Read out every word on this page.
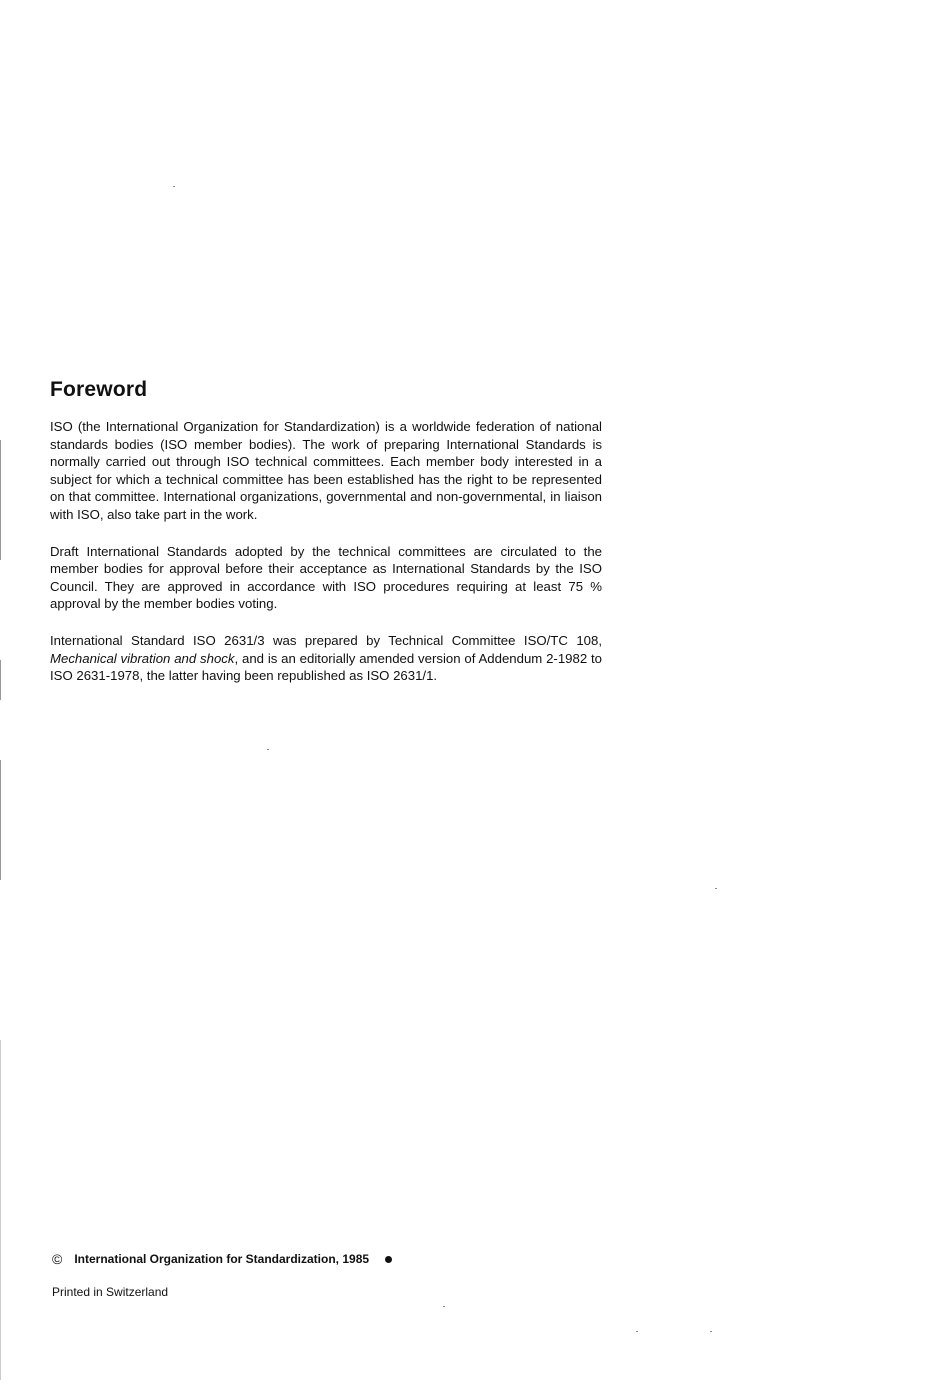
Foreword

ISO (the International Organization for Standardization) is a worldwide federation of national standards bodies (ISO member bodies). The work of preparing International Standards is normally carried out through ISO technical committees. Each member body interested in a subject for which a technical committee has been established has the right to be represented on that committee. International organizations, governmental and non-governmental, in liaison with ISO, also take part in the work.

Draft International Standards adopted by the technical committees are circulated to the member bodies for approval before their acceptance as International Standards by the ISO Council. They are approved in accordance with ISO procedures requiring at least 75 % approval by the member bodies voting.

International Standard ISO 2631/3 was prepared by Technical Committee ISO/TC 108, Mechanical vibration and shock, and is an editorially amended version of Addendum 2-1982 to ISO 2631-1978, the latter having been republished as ISO 2631/1.

© International Organization for Standardization, 1985
Printed in Switzerland
